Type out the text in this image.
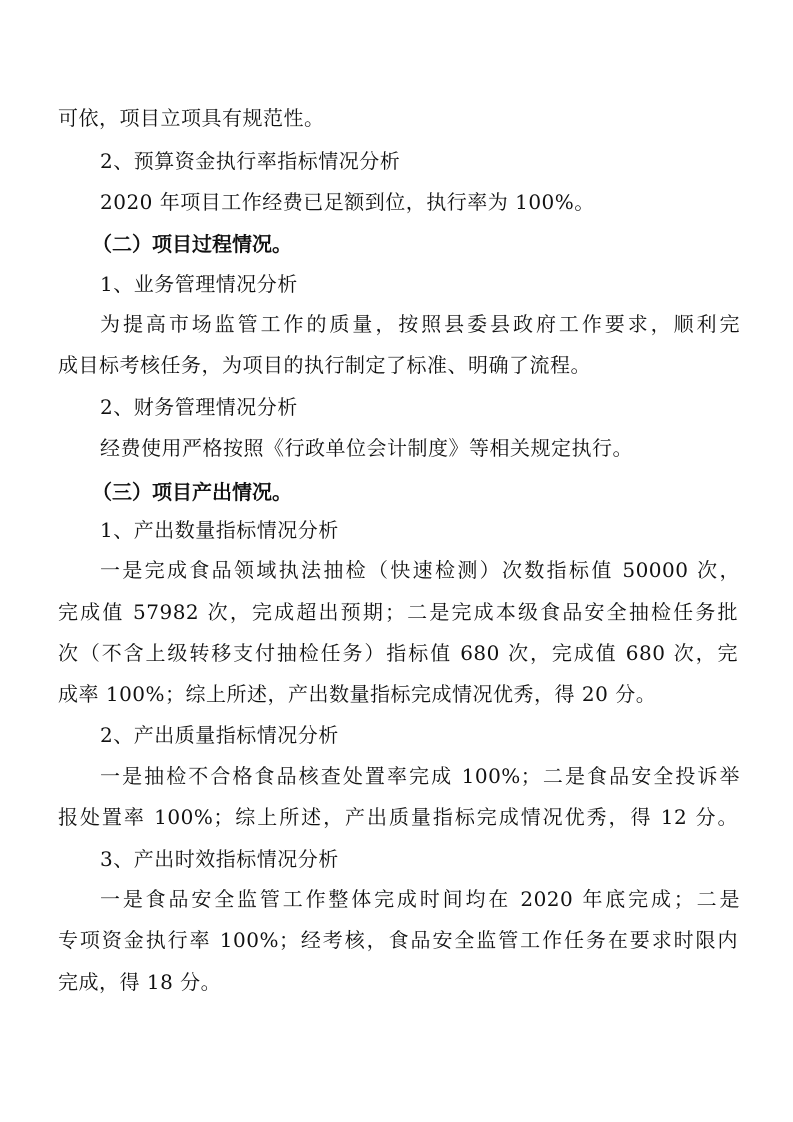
可依，项目立项具有规范性。
2、预算资金执行率指标情况分析
2020 年项目工作经费已足额到位，执行率为 100%。
（二）项目过程情况。
1、业务管理情况分析
为提高市场监管工作的质量，按照县委县政府工作要求，顺利完
成目标考核任务，为项目的执行制定了标准、明确了流程。
2、财务管理情况分析
经费使用严格按照《行政单位会计制度》等相关规定执行。
（三）项目产出情况。
1、产出数量指标情况分析
一是完成食品领域执法抽检（快速检测）次数指标值 50000 次，
完成值 57982 次，完成超出预期；二是完成本级食品安全抽检任务批
次（不含上级转移支付抽检任务）指标值 680 次，完成值 680 次，完
成率 100%；综上所述，产出数量指标完成情况优秀，得 20 分。
2、产出质量指标情况分析
一是抽检不合格食品核查处置率完成 100%；二是食品安全投诉举
报处置率 100%；综上所述，产出质量指标完成情况优秀，得 12 分。
3、产出时效指标情况分析
一是食品安全监管工作整体完成时间均在 2020 年底完成；二是
专项资金执行率 100%；经考核，食品安全监管工作任务在要求时限内
完成，得 18 分。
